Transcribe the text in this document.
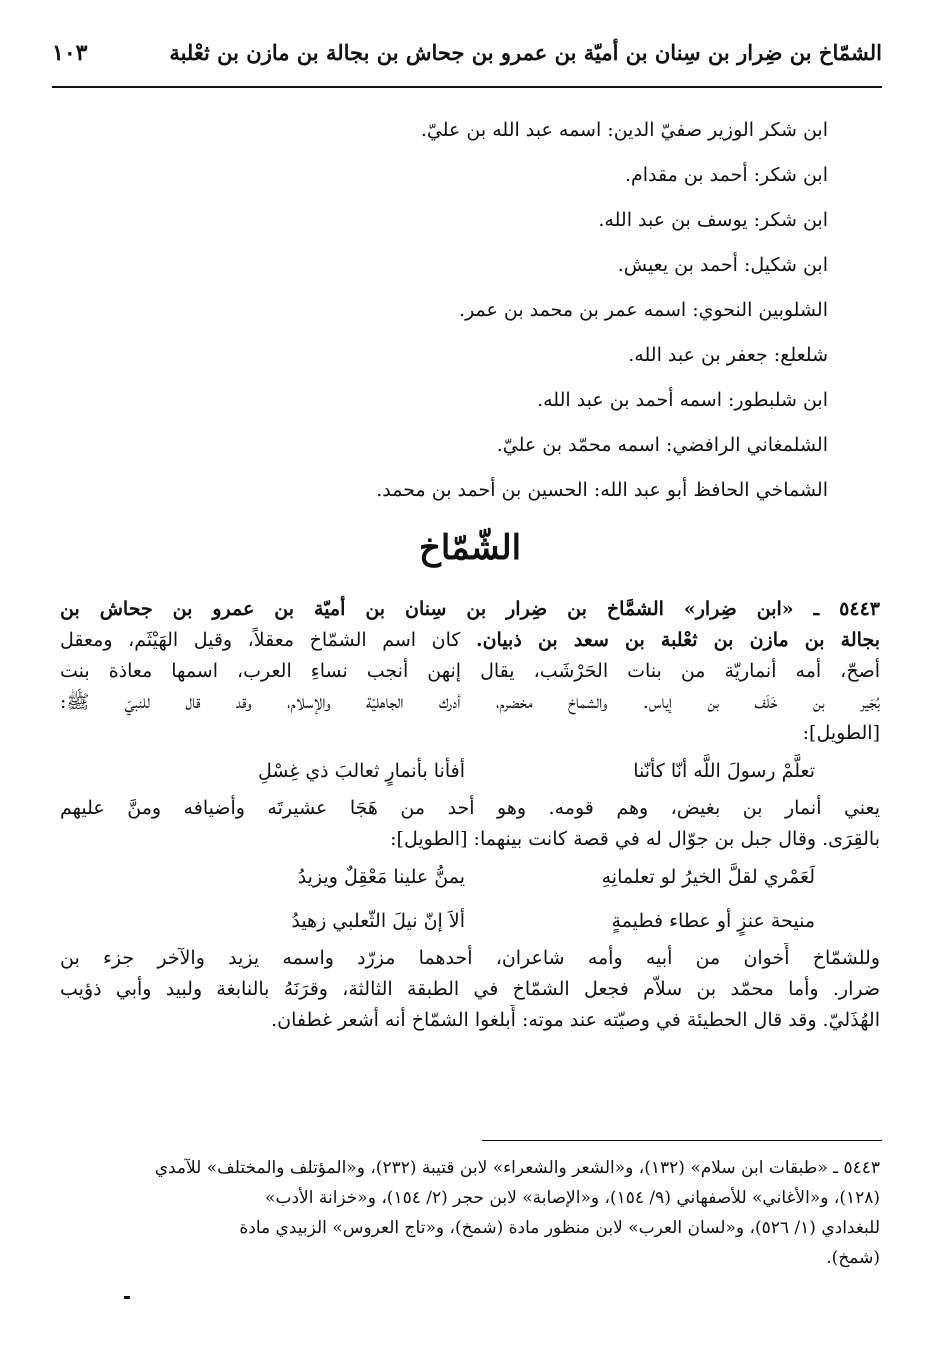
الشمّاخ بن ضِرار بن سِنان بن أميّة بن عمرو بن جحاش بن بجالة بن مازن بن ثعْلبة
١٠٣
ابن شكر الوزير صفيّ الدين: اسمه عبد الله بن عليّ.
ابن شكر: أحمد بن مقدام.
ابن شكر: يوسف بن عبد الله.
ابن شكيل: أحمد بن يعيش.
الشلوبين النحوي: اسمه عمر بن محمد بن عمر.
شلعلع: جعفر بن عبد الله.
ابن شلبطور: اسمه أحمد بن عبد الله.
الشلمغاني الرافضي: اسمه محمّد بن عليّ.
الشماخي الحافظ أبو عبد الله: الحسين بن أحمد بن محمد.
الشّمّاخ
٥٤٤٣ ـ «ابن ضِرار» الشمَّاخ بن ضِرار بن سِنان بن أميّة بن عمرو بن جحاش بن
بجالة بن مازن بن ثعْلبة بن سعد بن ذبيان. كان اسم الشمّاخ معقلاً، وقيل الهَيْثَم، ومعقل
أصحّ، أمه أنماريّة من بنات الحَرْشَب، يقال إنهن أنجب نساءِ العرب، اسمها معاذة بنت
بُجَير بن خَلَف بن إياس. والشماخ مخضرم، أدرك الجاهليّة والإسلام، وقد قال للنبيّ ﷺ:
[الطويل]:
تعلَّمْ رسولَ اللَّه أنّا كأنّنا
أفأنا بأنمارٍ ثعالبَ ذي غِسْلِ
يعني أنمار بن بغيض، وهم قومه. وهو أحد من هَجَا عشيرتَه وأضيافه ومنَّ عليهم
بالقِرَى. وقال جبل بن جوّال له في قصة كانت بينهما: [الطويل]:
لَعَمْري لقلَّ الخيرُ لو تعلمانِهِ
يمنُّ علينا مَعْقِلٌ ويزيدُ
منيحة عنزٍ أو عطاء فطيمةٍ
ألاَ إنّ نيلَ الثّعلبي زهيدُ
وللشمّاخ أَخوان من أبيه وأمه شاعران، أحدهما مزرّد واسمه يزيد والآخر جزء بن
ضرار. وأما محمّد بن سلاّم فجعل الشمّاخ في الطبقة الثالثة، وقرَنَهُ بالنابغة ولبيد وأبي ذؤيب
الهُذَليّ. وقد قال الحطيئة في وصيّته عند موته: أَبلغوا الشمّاخ أنه أشعر غطفان.
٥٤٤٣ ـ «طبقات ابن سلام» (١٣٢)، و«الشعر والشعراء» لابن قتيبة (٢٣٢)، و«المؤتلف والمختلف» للآمدي
(١٢٨)، و«الأغاني» للأصفهاني (٩/ ١٥٤)، و«الإصابة» لابن حجر (٢/ ١٥٤)، و«خزانة الأدب»
للبغدادي (١/ ٥٢٦)، و«لسان العرب» لابن منظور مادة (شمخ)، و«تاج العروس» الزبيدي مادة
(شمخ).
